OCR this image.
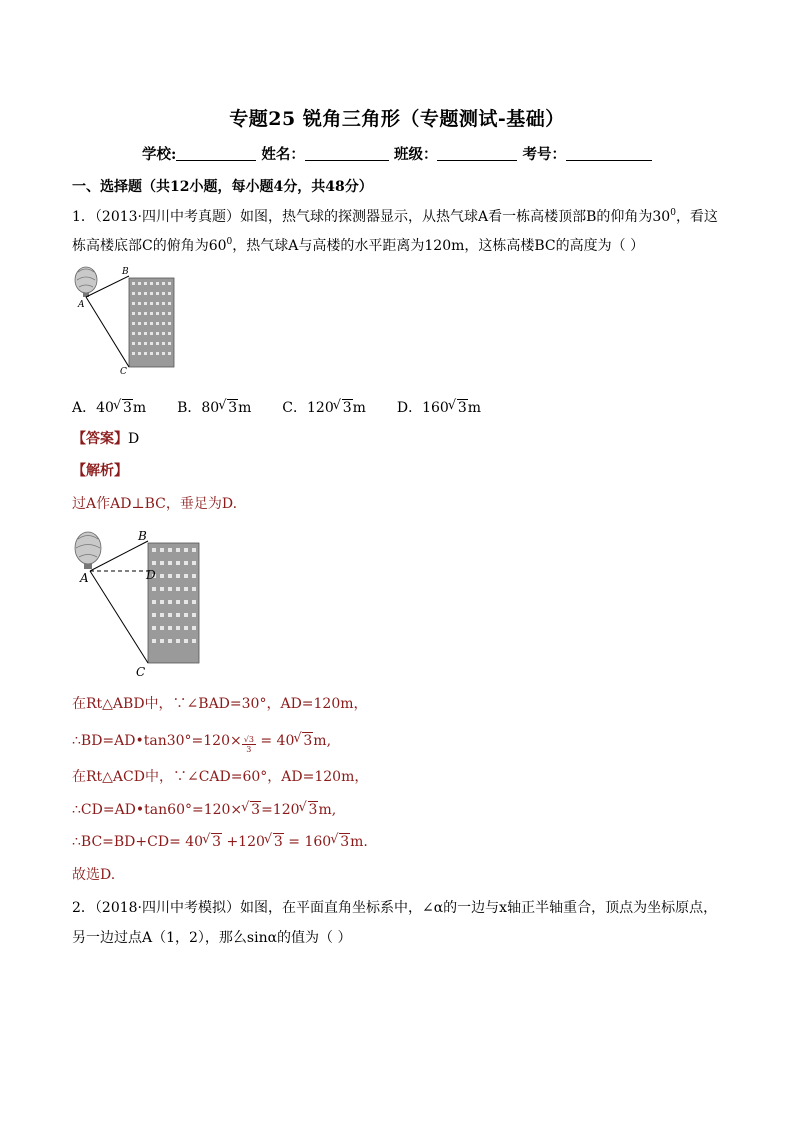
专题25 锐角三角形（专题测试-基础）
学校:	姓名：	班级：	考号：
一、选择题（共12小题，每小题4分，共48分）
1．（2013·四川中考真题）如图，热气球的探测器显示，从热气球A看一栋高楼顶部B的仰角为$30^0$，看这
栋高楼底部C的俯角为$60^0$，热气球A与高楼的水平距离为120m，这栋高楼BC的高度为（ ）
A
B
C
A．40√ 3m B．80√ 3m C．120√ 3m D．160√ 3m
【答案】D
【解析】
过A作AD⊥BC，垂足为D.
A
B
C
D
在Rt△ABD中，∵∠BAD=30°，AD=120m，
∴BD=AD•tan30°=120× $\frac{√3}{3} = 40√$ 3m,
在Rt△ACD中，∵∠CAD=60°，AD=120m，
∴CD=AD•tan60°=120×√ 3=120√ 3m,
∴BC=BD+CD= 40√ 3 +120√ 3 = 160√ 3m.
故选D.
2．（2018·四川中考模拟）如图，在平面直角坐标系中，∠α的一边与x轴正半轴重合，顶点为坐标原点，
另一边过点A（1，2），那么sinα的值为（ ）
